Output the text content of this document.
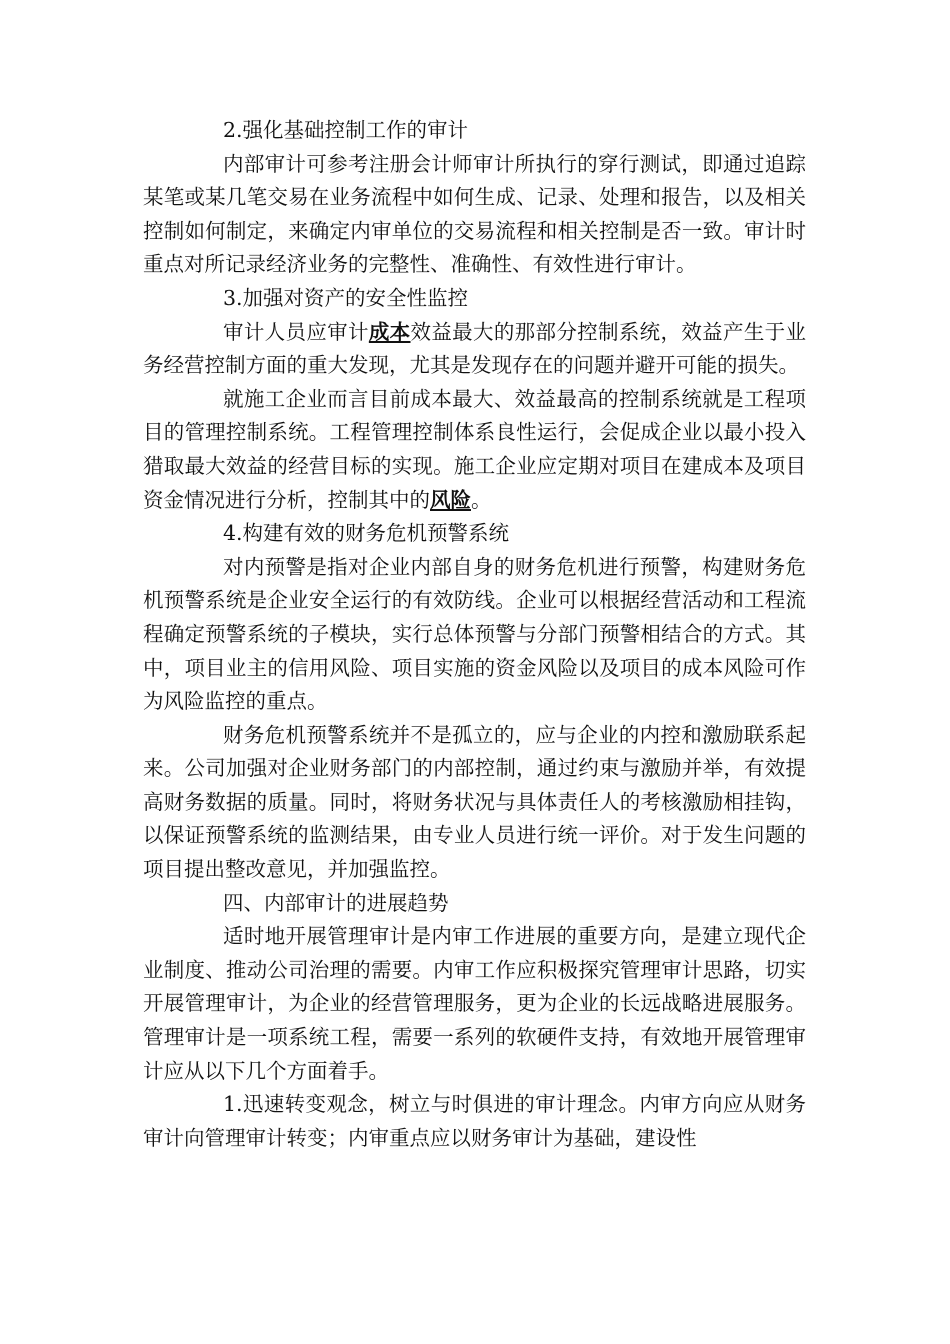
2.强化基础控制工作的审计

内部审计可参考注册会计师审计所执行的穿行测试，即通过追踪某笔或某几笔交易在业务流程中如何生成、记录、处理和报告，以及相关控制如何制定，来确定内审单位的交易流程和相关控制是否一致。审计时重点对所记录经济业务的完整性、准确性、有效性进行审计。

3.加强对资产的安全性监控

审计人员应审计成本效益最大的那部分控制系统，效益产生于业务经营控制方面的重大发现，尤其是发现存在的问题并避开可能的损失。

就施工企业而言目前成本最大、效益最高的控制系统就是工程项目的管理控制系统。工程管理控制体系良性运行，会促成企业以最小投入猎取最大效益的经营目标的实现。施工企业应定期对项目在建成本及项目资金情况进行分析，控制其中的风险。

4.构建有效的财务危机预警系统

对内预警是指对企业内部自身的财务危机进行预警，构建财务危机预警系统是企业安全运行的有效防线。企业可以根据经营活动和工程流程确定预警系统的子模块，实行总体预警与分部门预警相结合的方式。其中，项目业主的信用风险、项目实施的资金风险以及项目的成本风险可作为风险监控的重点。

财务危机预警系统并不是孤立的，应与企业的内控和激励联系起来。公司加强对企业财务部门的内部控制，通过约束与激励并举，有效提高财务数据的质量。同时，将财务状况与具体责任人的考核激励相挂钩，以保证预警系统的监测结果，由专业人员进行统一评价。对于发生问题的项目提出整改意见，并加强监控。

四、内部审计的进展趋势

适时地开展管理审计是内审工作进展的重要方向，是建立现代企业制度、推动公司治理的需要。内审工作应积极探究管理审计思路，切实开展管理审计，为企业的经营管理服务，更为企业的长远战略进展服务。管理审计是一项系统工程，需要一系列的软硬件支持，有效地开展管理审计应从以下几个方面着手。

1.迅速转变观念，树立与时俱进的审计理念。内审方向应从财务审计向管理审计转变；内审重点应以财务审计为基础，建设性
